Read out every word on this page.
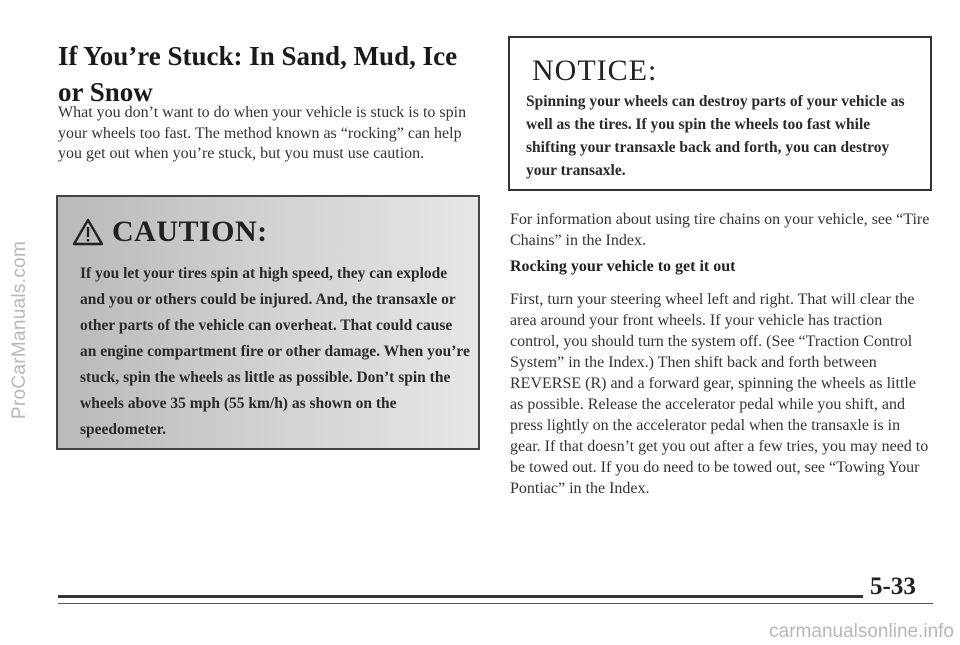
ProCarManuals.com
If You’re Stuck: In Sand, Mud, Ice or Snow

What you don’t want to do when your vehicle is stuck is to spin your wheels too fast. The method known as “rocking” can help you get out when you’re stuck, but you must use caution.

CAUTION:

If you let your tires spin at high speed, they can explode and you or others could be injured. And, the transaxle or other parts of the vehicle can overheat. That could cause an engine compartment fire or other damage. When you’re stuck, spin the wheels as little as possible. Don’t spin the wheels above 35 mph (55 km/h) as shown on the speedometer.

NOTICE:

Spinning your wheels can destroy parts of your vehicle as well as the tires. If you spin the wheels too fast while shifting your transaxle back and forth, you can destroy your transaxle.

For information about using tire chains on your vehicle, see “Tire Chains” in the Index.

Rocking your vehicle to get it out

First, turn your steering wheel left and right. That will clear the area around your front wheels. If your vehicle has traction control, you should turn the system off. (See “Traction Control System” in the Index.) Then shift back and forth between REVERSE (R) and a forward gear, spinning the wheels as little as possible. Release the accelerator pedal while you shift, and press lightly on the accelerator pedal when the transaxle is in gear. If that doesn’t get you out after a few tries, you may need to be towed out. If you do need to be towed out, see “Towing Your Pontiac” in the Index.

5-33

carmanualsonline.info
